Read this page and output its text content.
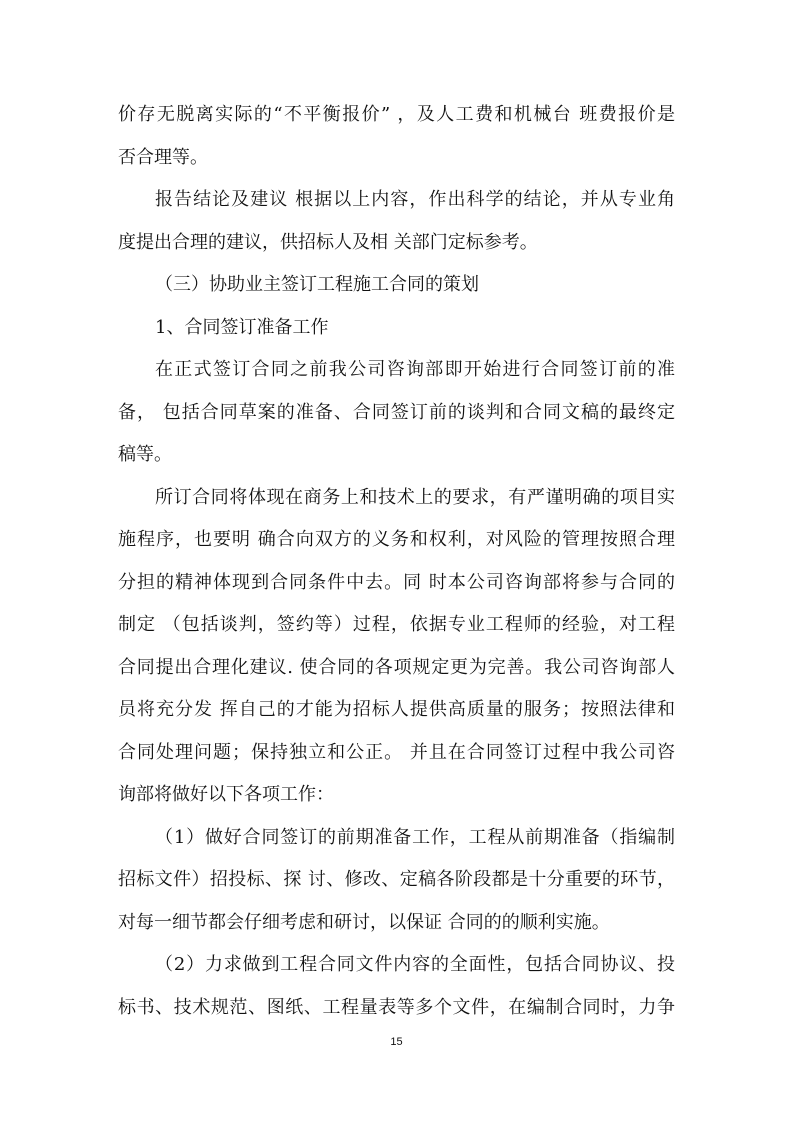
价存无脱离实际的“不平衡报价” ，及人工费和机械台 班费报价是
否合理等。
报告结论及建议 根据以上内容，作出科学的结论，并从专业角
度提出合理的建议，供招标人及相 关部门定标参考。
（三）协助业主签订工程施工合同的策划
1、合同签订准备工作
在正式签订合同之前我公司咨询部即开始进行合同签订前的准
备， 包括合同草案的准备、合同签订前的谈判和合同文稿的最终定
稿等。
所订合同将体现在商务上和技术上的要求，有严谨明确的项目实
施程序，也要明 确合向双方的义务和权利，对风险的管理按照合理
分担的精神体现到合同条件中去。同 时本公司咨询部将参与合同的
制定 （包括谈判，签约等）过程，依据专业工程师的经验，对工程
合同提出合理化建议. 使合同的各项规定更为完善。我公司咨询部人
员将充分发 挥自己的才能为招标人提供高质量的服务；按照法律和
合同处理问题；保持独立和公正。 并且在合同签订过程中我公司咨
询部将做好以下各项工作：
（1）做好合同签订的前期准备工作，工程从前期准备（指编制
招标文件）招投标、探 讨、修改、定稿各阶段都是十分重要的环节，
对每一细节都会仔细考虑和研讨，以保证 合同的的顺利实施。
（2）力求做到工程合同文件内容的全面性，包括合同协议、投
标书、技术规范、图纸、工程量表等多个文件，在编制合同时，力争
15
